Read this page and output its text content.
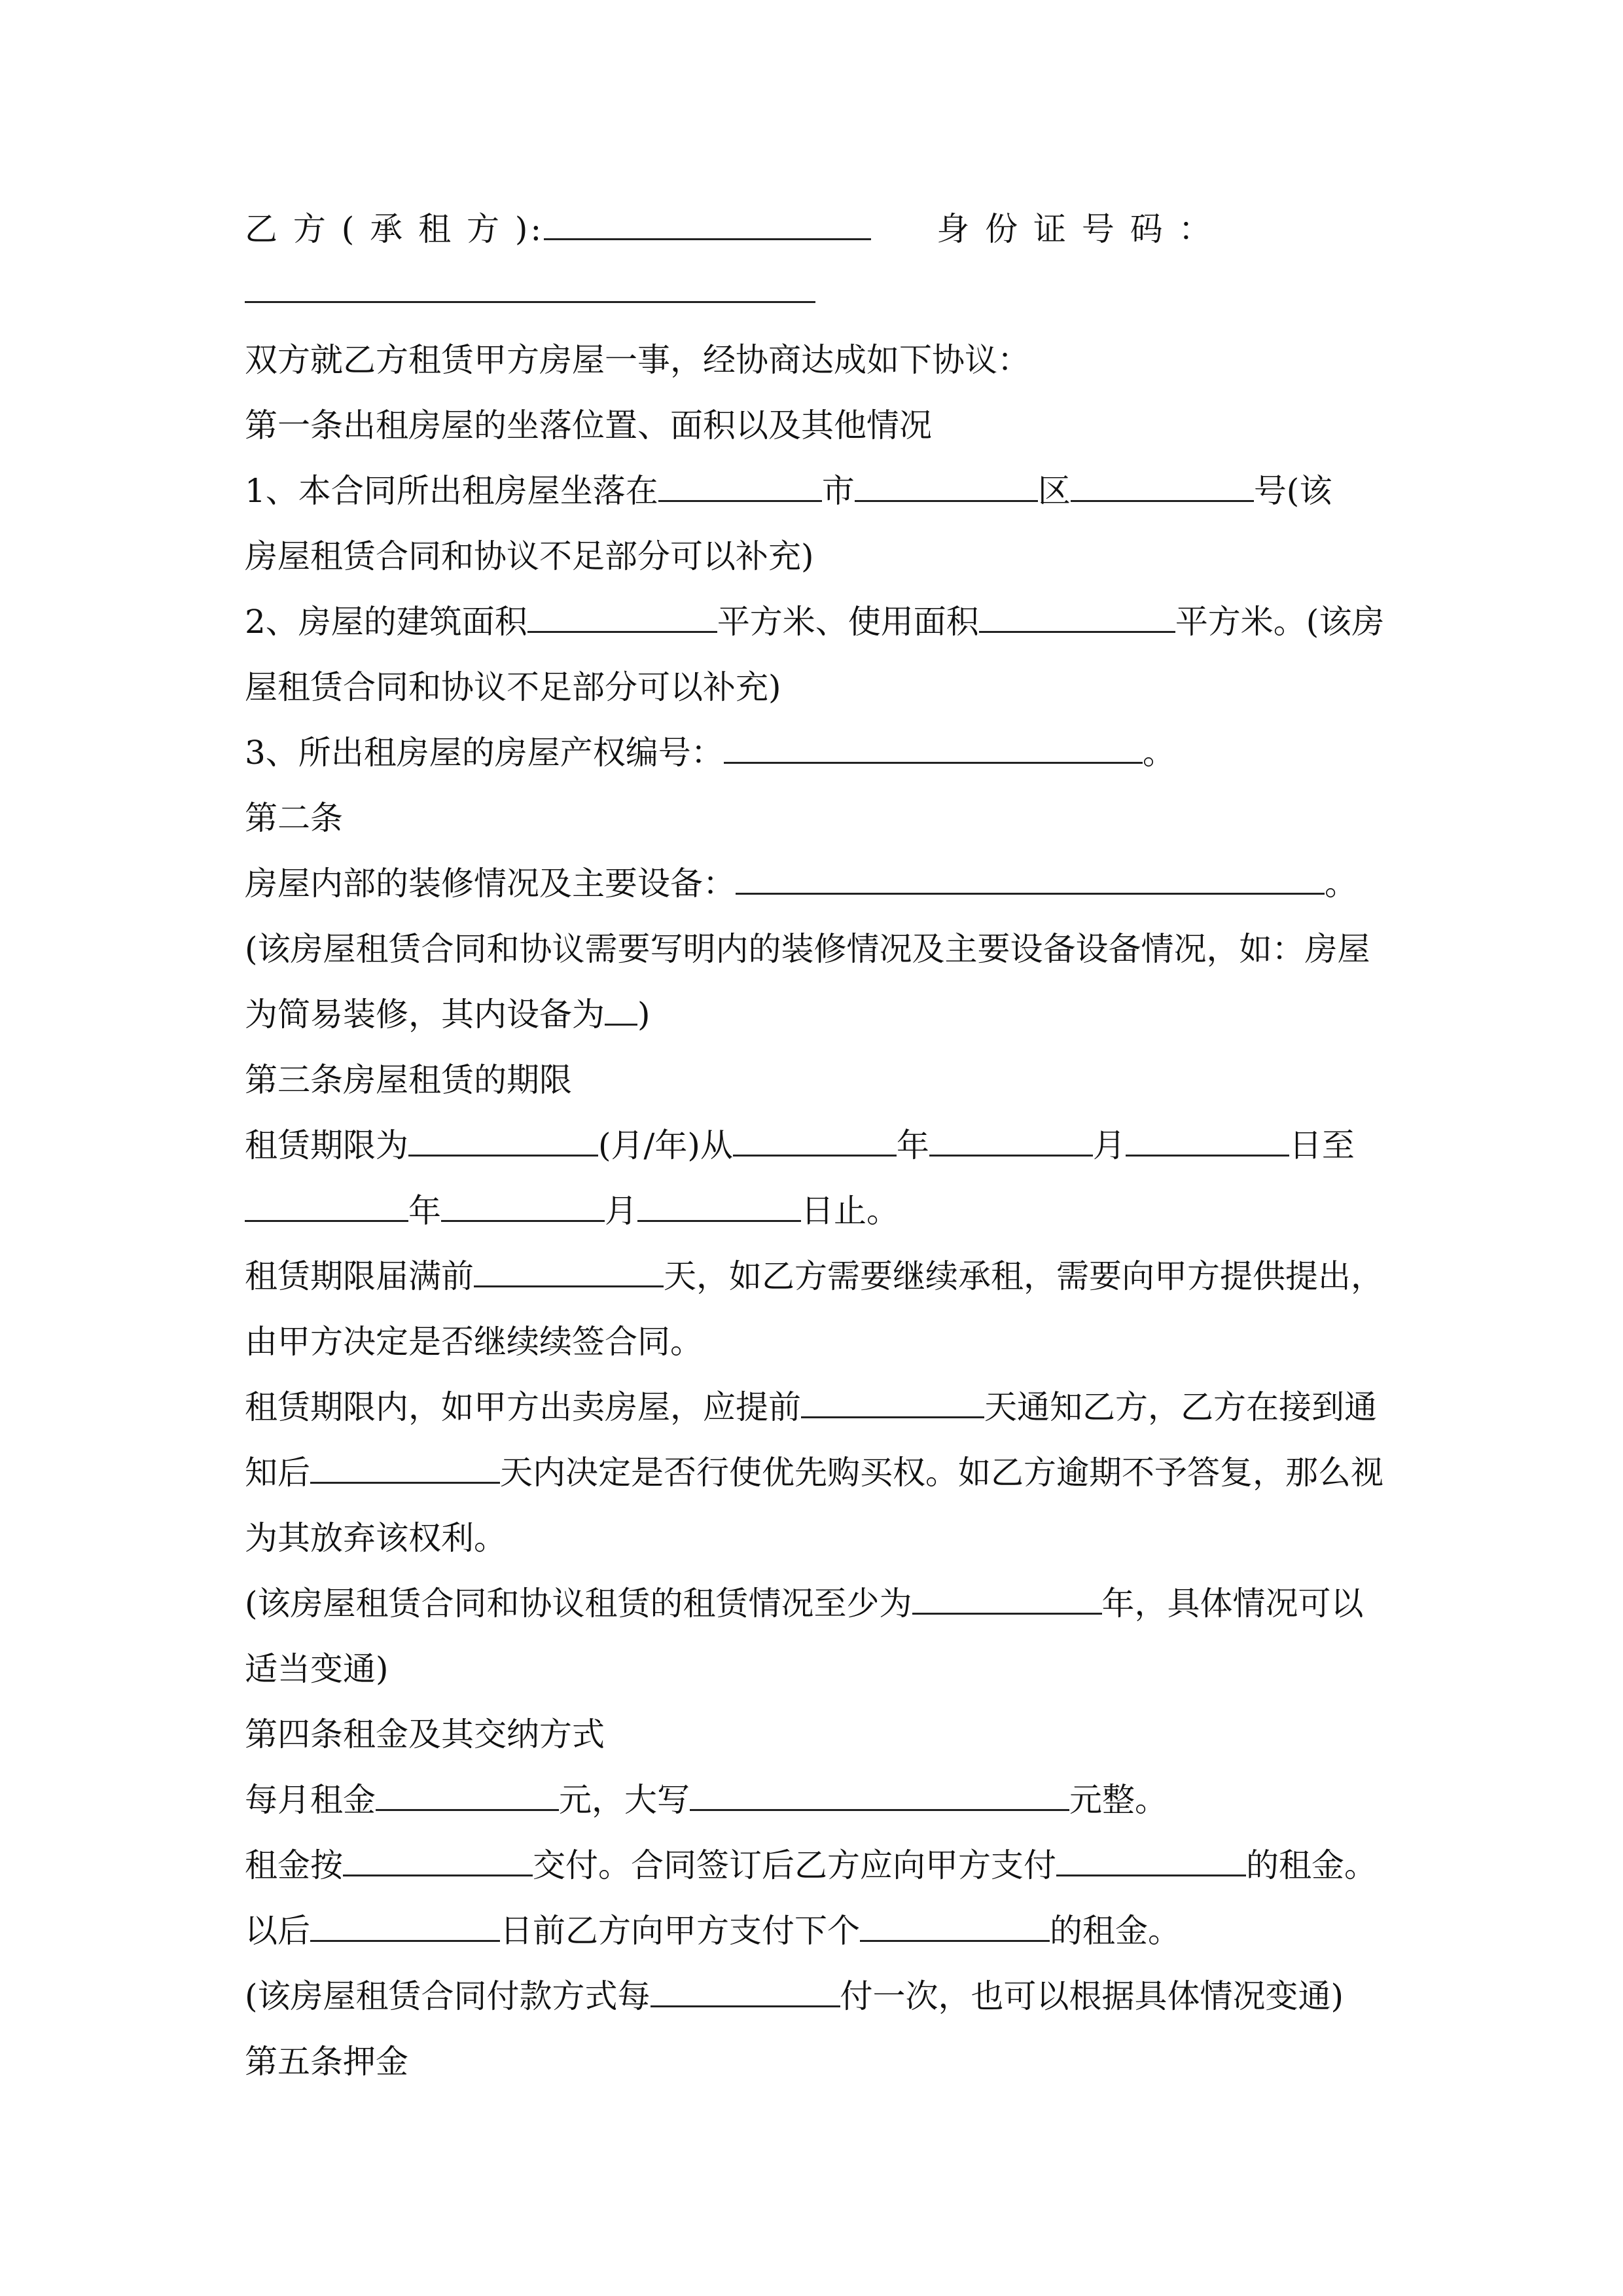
乙 方 ( 承 租 方 ):	身 份 证 号 码 ：
双方就乙方租赁甲方房屋一事，经协商达成如下协议：
第一条出租房屋的坐落位置、面积以及其他情况
1、本合同所出租房屋坐落在	市	区	号(该
房屋租赁合同和协议不足部分可以补充)
2、房屋的建筑面积	平方米、使用面积	平方米。(该房
屋租赁合同和协议不足部分可以补充)
3、所出租房屋的房屋产权编号：	。
第二条
房屋内部的装修情况及主要设备：	。
(该房屋租赁合同和协议需要写明内的装修情况及主要设备设备情况，如：房屋
为简易装修，其内设备为 )
第三条房屋租赁的期限
租赁期限为	(月/年)从	年	月	日至
年	月	日止。
租赁期限届满前	天，如乙方需要继续承租，需要向甲方提供提出，
由甲方决定是否继续续签合同。
租赁期限内，如甲方出卖房屋，应提前	天通知乙方，乙方在接到通
知后	天内决定是否行使优先购买权。如乙方逾期不予答复，那么视
为其放弃该权利。
(该房屋租赁合同和协议租赁的租赁情况至少为	年，具体情况可以
适当变通)
第四条租金及其交纳方式
每月租金	元，大写	元整。
租金按	交付。合同签订后乙方应向甲方支付	的租金。
以后	日前乙方向甲方支付下个	的租金。
(该房屋租赁合同付款方式每	付一次，也可以根据具体情况变通)
第五条押金
